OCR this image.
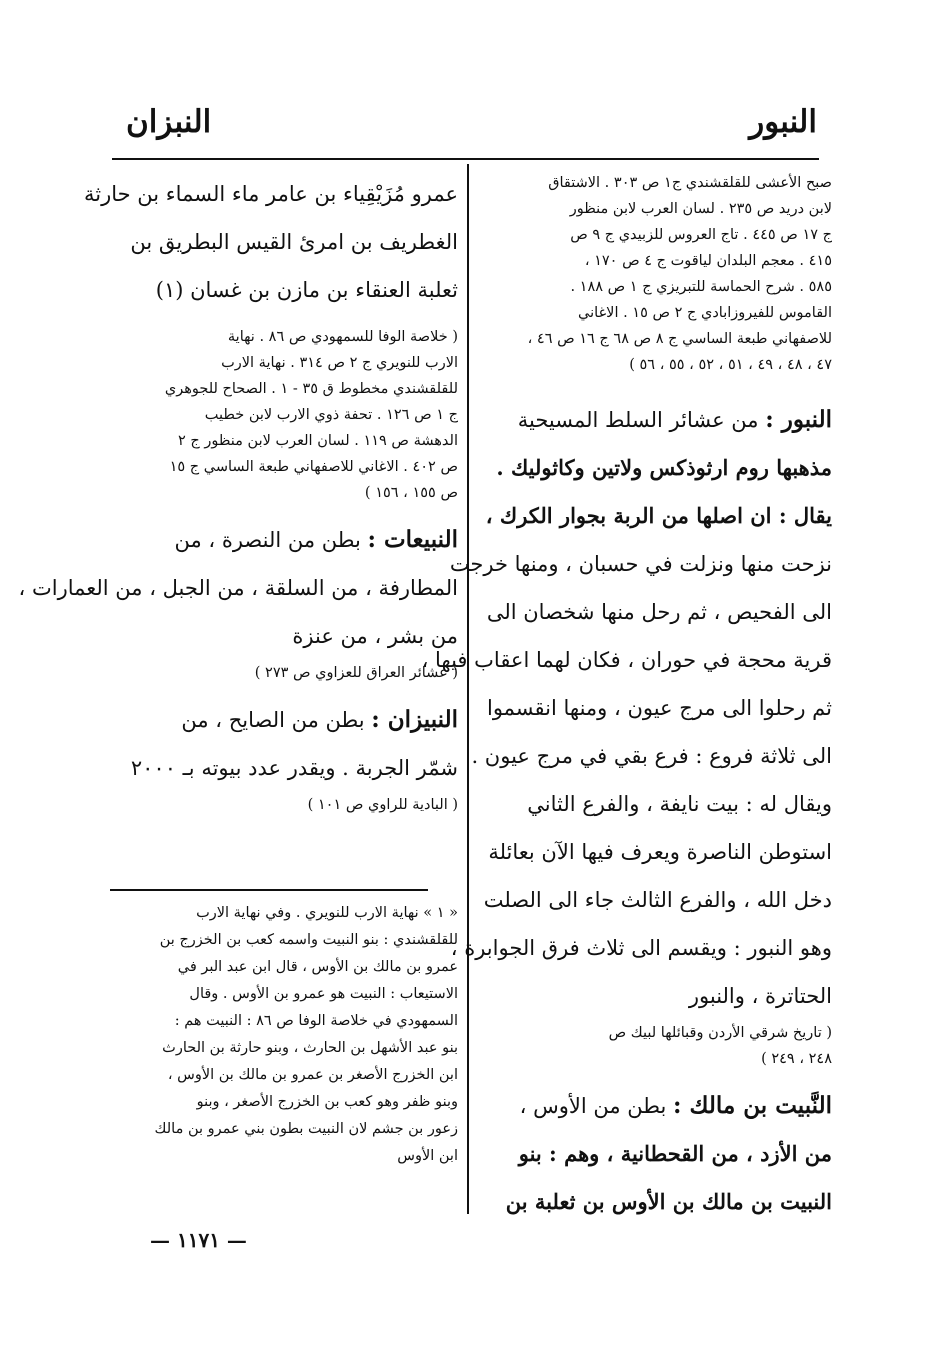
النبور
النبزان
صبح الأعشى للقلقشندي ج١ ص ٣٠٣ . الاشتقاق
لابن دريد ص ٢٣٥ . لسان العرب لابن منظور
ج ١٧ ص ٤٤٥ . تاج العروس للزبيدي ج ٩ ص
٤١٥ . معجم البلدان لياقوت ج ٤ ص ١٧٠ ،
٥٨٥ . شرح الحماسة للتبريزي ج ١ ص ١٨٨ .
القاموس للفيروزابادي ج ٢ ص ١٥ . الاغاني
للاصفهاني طبعة الساسي ج ٨ ص ٦٨ ج ١٦ ص ٤٦ ،
٤٧ ، ٤٨ ، ٤٩ ، ٥١ ، ٥٢ ، ٥٥ ، ٥٦ )
النبور : من عشائر السلط المسيحية
مذهبها روم ارثوذكس ولاتين وكاثوليك .
يقال : ان اصلها من الربة بجوار الكرك ،
نزحت منها ونزلت في حسبان ، ومنها خرجت
الى الفحيص ، ثم رحل منها شخصان الى
قرية محجة في حوران ، فكان لهما اعقاب فيها ،
ثم رحلوا الى مرج عيون ، ومنها انقسموا
الى ثلاثة فروع : فرع بقي في مرج عيون .
ويقال له : بيت نايفة ، والفرع الثاني
استوطن الناصرة ويعرف فيها الآن بعائلة
دخل الله ، والفرع الثالث جاء الى الصلت
وهو النبور : ويقسم الى ثلاث فرق الجوابرة ،
الحتاترة ، والنبور
( تاريخ شرقي الأردن وقبائلها لبيك ص
٢٤٨ ، ٢٤٩ )
النَّبيت بن مالك : بطن من الأوس ،
من الأزد ، من القحطانية ، وهم : بنو
النبيت بن مالك بن الأوس بن ثعلبة بن
عمرو مُزَيْقِياء بن عامر ماء السماء بن حارثة
الغطريف بن امرئ القيس البطريق بن
ثعلبة العنقاء بن مازن بن غسان (١)
( خلاصة الوفا للسمهودي ص ٨٦ . نهاية
الارب للنويري ج ٢ ص ٣١٤ . نهاية الارب
للقلقشندي مخطوط ق ٣٥ - ١ . الصحاح للجوهري
ج ١ ص ١٢٦ . تحفة ذوي الارب لابن خطيب
الدهشة ص ١١٩ . لسان العرب لابن منظور ج ٢
ص ٤٠٢ . الاغاني للاصفهاني طبعة الساسي ج ١٥
ص ١٥٥ ، ١٥٦ )
النبيعات : بطن من النصرة ، من
المطارفة ، من السلقة ، من الجبل ، من العمارات ،
من بشر ، من عنزة
( عشائر العراق للعزاوي ص ٢٧٣ )
النبيزان : بطن من الصايح ، من
شمّر الجربة . ويقدر عدد بيوته بـ ٢٠٠٠
( البادية للراوي ص ١٠١ )
« ١ » نهاية الارب للنويري . وفي نهاية الارب
للقلقشندي : بنو النبيت واسمه كعب بن الخزرج بن
عمرو بن مالك بن الأوس ، قال ابن عبد البر في
الاستيعاب : النبيت هو عمرو بن الأوس . وقال
السمهودي في خلاصة الوفا ص ٨٦ : النبيت هم :
بنو عبد الأشهل بن الحارث ، وبنو حارثة بن الحارث
ابن الخزرج الأصغر بن عمرو بن مالك بن الأوس ،
وبنو ظفر وهو كعب بن الخزرج الأصغر ، وبنو
زعور بن جشم لان النبيت بطون بني عمرو بن مالك
ابن الأوس
— ١١٧١ —
